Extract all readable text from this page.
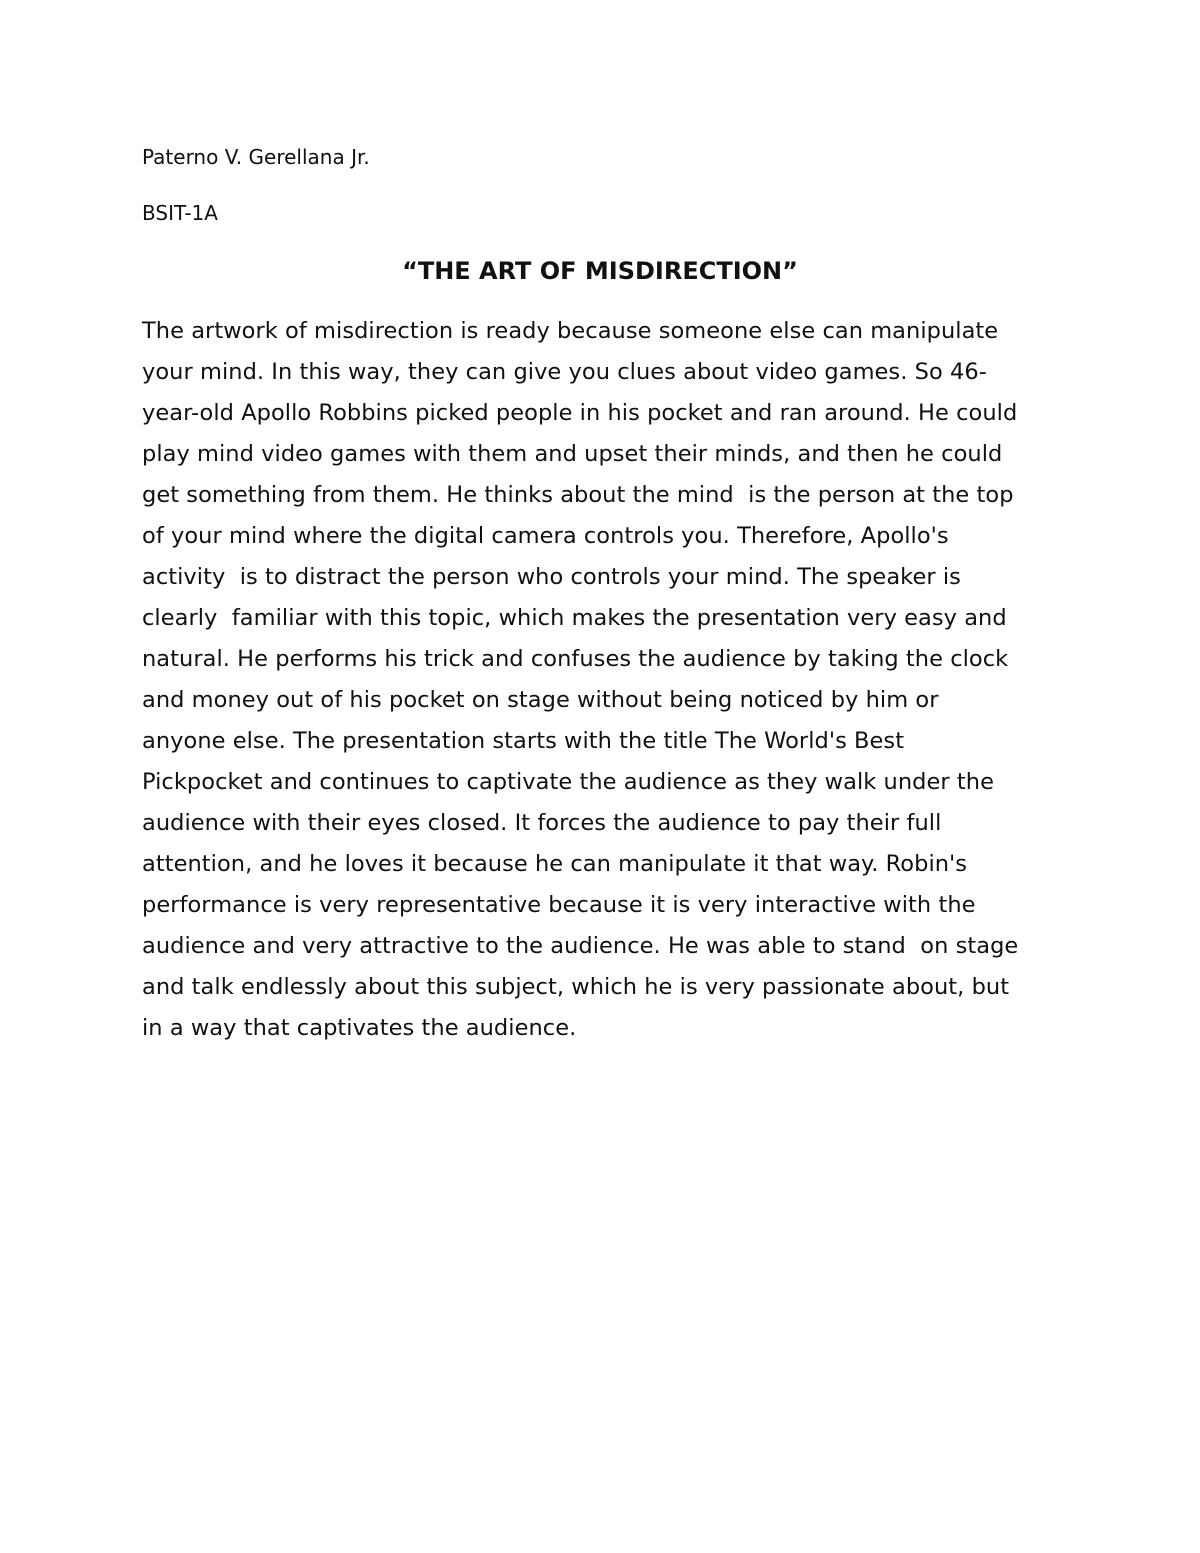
Paterno V. Gerellana Jr.
BSIT-1A
“THE ART OF MISDIRECTION”
The artwork of misdirection is ready because someone else can manipulate
your mind. In this way, they can give you clues about video games. So 46-
year-old Apollo Robbins picked people in his pocket and ran around. He could
play mind video games with them and upset their minds, and then he could
get something from them. He thinks about the mind  is the person at the top
of your mind where the digital camera controls you. Therefore, Apollo's
activity  is to distract the person who controls your mind. The speaker is
clearly  familiar with this topic, which makes the presentation very easy and
natural. He performs his trick and confuses the audience by taking the clock
and money out of his pocket on stage without being noticed by him or
anyone else. The presentation starts with the title The World's Best
Pickpocket and continues to captivate the audience as they walk under the
audience with their eyes closed. It forces the audience to pay their full
attention, and he loves it because he can manipulate it that way. Robin's
performance is very representative because it is very interactive with the
audience and very attractive to the audience. He was able to stand  on stage
and talk endlessly about this subject, which he is very passionate about, but
in a way that captivates the audience.
